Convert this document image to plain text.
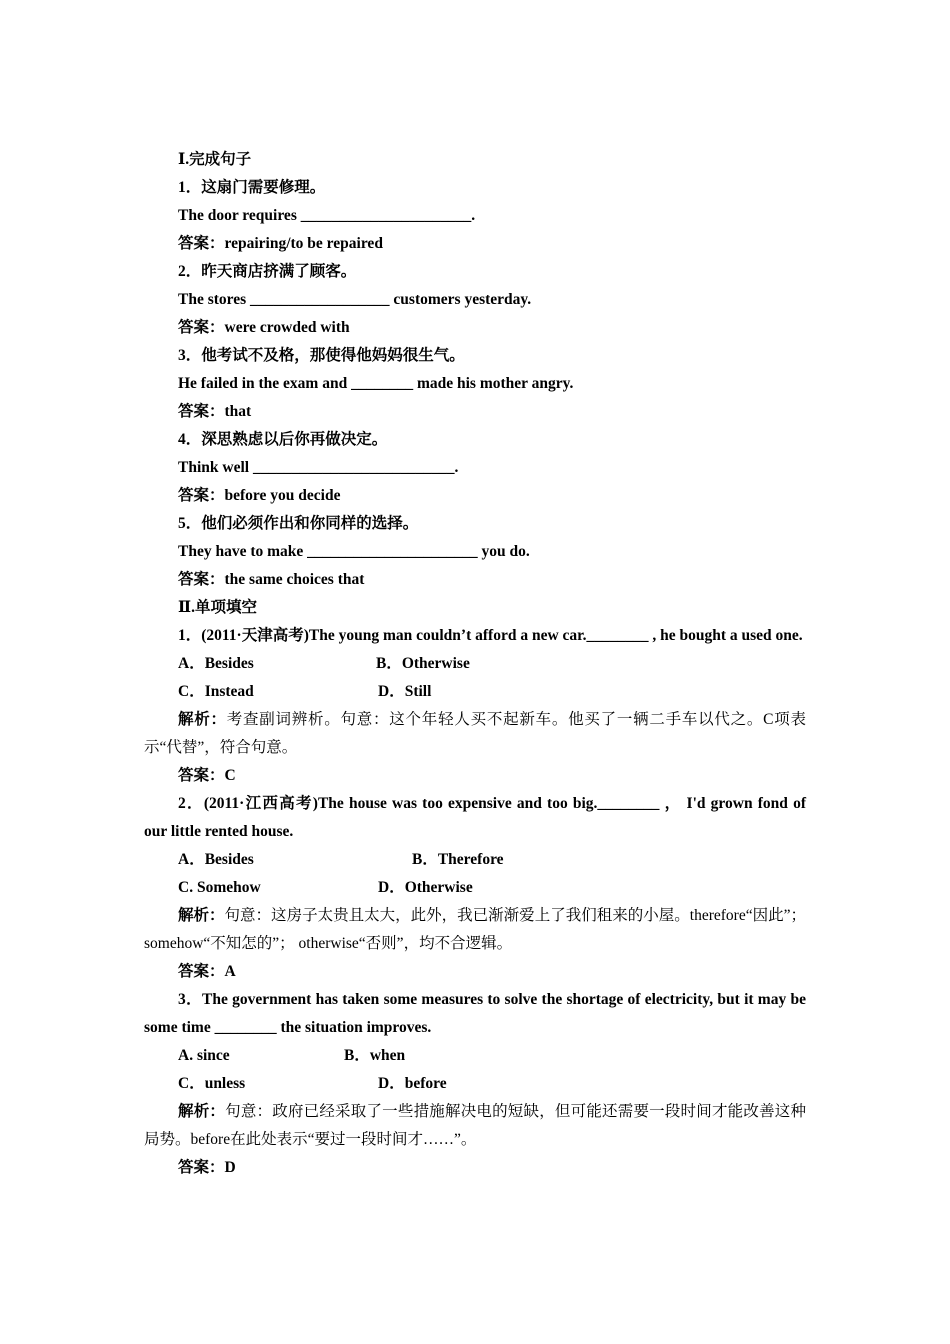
Ⅰ.完成句子
1．这扇门需要修理。
The door requires ______________________.
答案：repairing/to be repaired
2．昨天商店挤满了顾客。
The stores __________________ customers yesterday.
答案：were crowded with
3．他考试不及格，那使得他妈妈很生气。
He failed in the exam and ________ made his mother angry.
答案：that
4．深思熟虑以后你再做决定。
Think well __________________________.
答案：before you decide
5．他们必须作出和你同样的选择。
They have to make ______________________ you do.
答案：the same choices that
Ⅱ.单项填空
1．(2011·天津高考)The young man couldn’t afford a new car.________ , he bought a used one.
A．Besides	B．Otherwise
C．Instead	D．Still
解析：考查副词辨析。句意：这个年轻人买不起新车。他买了一辆二手车以代之。C项表示“代替”，符合句意。
答案：C
2．(2011·江西高考)The house was too expensive and too big.________ ， I'd grown fond of our little rented house.
A．Besides	B．Therefore
C. Somehow	D．Otherwise
解析：句意：这房子太贵且太大，此外，我已渐渐爱上了我们租来的小屋。therefore“因此”；somehow“不知怎的”； otherwise“否则”，均不合逻辑。
答案：A
3．The government has taken some measures to solve the shortage of electricity, but it may be some time ________ the situation improves.
A. since	B．when
C．unless	D．before
解析：句意：政府已经采取了一些措施解决电的短缺，但可能还需要一段时间才能改善这种局势。before在此处表示“要过一段时间才……”。
答案：D
